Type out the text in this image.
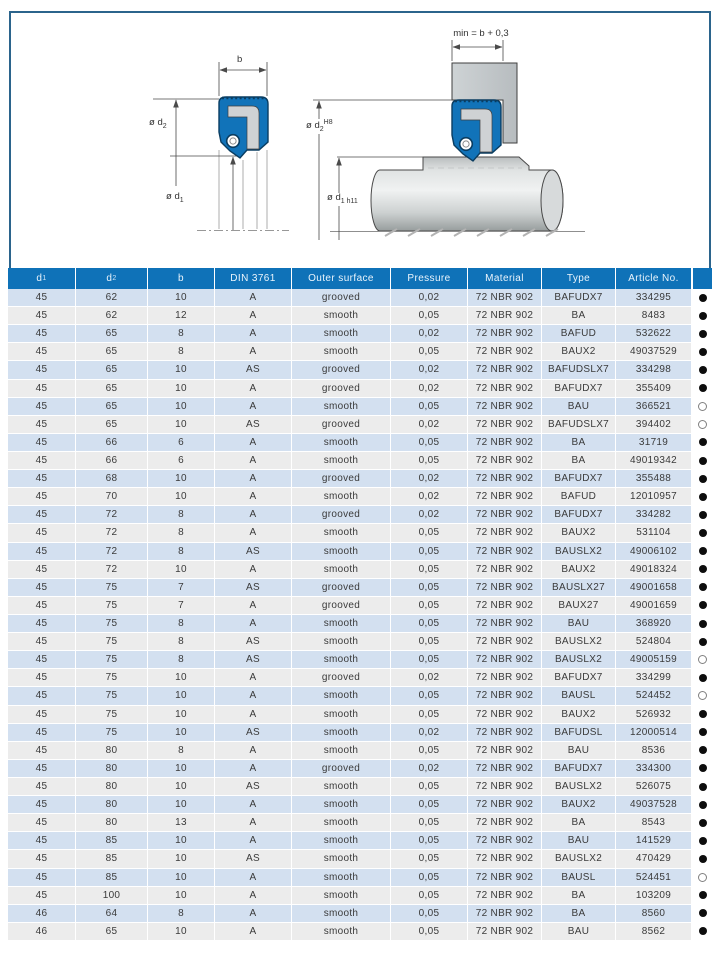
b
ø $d_2$
ø $d_1$
min = b + 0,3
ø $d_2^{H8}$
ø $d_{1 h11}$
d 1	d 2	b	DIN 3761	Outer surface	Pressure	Material	Type	Article No.
45	62	10	A	grooved	0,02	72 NBR 902	BAFUDX7	334295
45	62	12	A	smooth	0,05	72 NBR 902	BA	8483
45	65	8	A	smooth	0,02	72 NBR 902	BAFUD	532622
45	65	8	A	smooth	0,05	72 NBR 902	BAUX2	49037529
45	65	10	AS	grooved	0,02	72 NBR 902	BAFUDSLX7	334298
45	65	10	A	grooved	0,02	72 NBR 902	BAFUDX7	355409
45	65	10	A	smooth	0,05	72 NBR 902	BAU	366521
45	65	10	AS	grooved	0,02	72 NBR 902	BAFUDSLX7	394402
45	66	6	A	smooth	0,05	72 NBR 902	BA	31719
45	66	6	A	smooth	0,05	72 NBR 902	BA	49019342
45	68	10	A	grooved	0,02	72 NBR 902	BAFUDX7	355488
45	70	10	A	smooth	0,02	72 NBR 902	BAFUD	12010957
45	72	8	A	grooved	0,02	72 NBR 902	BAFUDX7	334282
45	72	8	A	smooth	0,05	72 NBR 902	BAUX2	531104
45	72	8	AS	smooth	0,05	72 NBR 902	BAUSLX2	49006102
45	72	10	A	smooth	0,05	72 NBR 902	BAUX2	49018324
45	75	7	AS	grooved	0,05	72 NBR 902	BAUSLX27	49001658
45	75	7	A	grooved	0,05	72 NBR 902	BAUX27	49001659
45	75	8	A	smooth	0,05	72 NBR 902	BAU	368920
45	75	8	AS	smooth	0,05	72 NBR 902	BAUSLX2	524804
45	75	8	AS	smooth	0,05	72 NBR 902	BAUSLX2	49005159
45	75	10	A	grooved	0,02	72 NBR 902	BAFUDX7	334299
45	75	10	A	smooth	0,05	72 NBR 902	BAUSL	524452
45	75	10	A	smooth	0,05	72 NBR 902	BAUX2	526932
45	75	10	AS	smooth	0,02	72 NBR 902	BAFUDSL	12000514
45	80	8	A	smooth	0,05	72 NBR 902	BAU	8536
45	80	10	A	grooved	0,02	72 NBR 902	BAFUDX7	334300
45	80	10	AS	smooth	0,05	72 NBR 902	BAUSLX2	526075
45	80	10	A	smooth	0,05	72 NBR 902	BAUX2	49037528
45	80	13	A	smooth	0,05	72 NBR 902	BA	8543
45	85	10	A	smooth	0,05	72 NBR 902	BAU	141529
45	85	10	AS	smooth	0,05	72 NBR 902	BAUSLX2	470429
45	85	10	A	smooth	0,05	72 NBR 902	BAUSL	524451
45	100	10	A	smooth	0,05	72 NBR 902	BA	103209
46	64	8	A	smooth	0,05	72 NBR 902	BA	8560
46	65	10	A	smooth	0,05	72 NBR 902	BAU	8562
